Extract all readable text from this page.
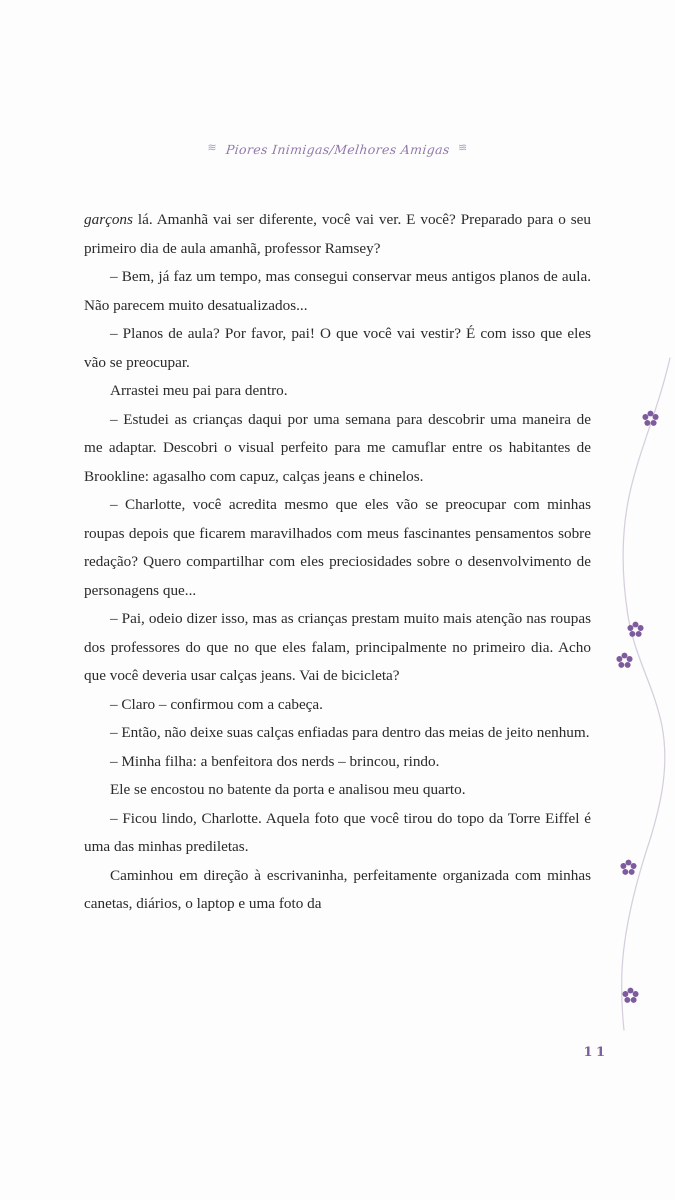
≋ Piores Inimigas/Melhores Amigas ≋

garçons lá. Amanhã vai ser diferente, você vai ver. E você? Preparado para o seu primeiro dia de aula amanhã, professor Ramsey?

– Bem, já faz um tempo, mas consegui conservar meus antigos planos de aula. Não parecem muito desatualizados...

– Planos de aula? Por favor, pai! O que você vai vestir? É com isso que eles vão se preocupar.

Arrastei meu pai para dentro.

– Estudei as crianças daqui por uma semana para descobrir uma maneira de me adaptar. Descobri o visual perfeito para me camuflar entre os habitantes de Brookline: agasalho com capuz, calças jeans e chinelos.

– Charlotte, você acredita mesmo que eles vão se preocupar com minhas roupas depois que ficarem maravilhados com meus fascinantes pensamentos sobre redação? Quero compartilhar com eles preciosidades sobre o desenvolvimento de personagens que...

– Pai, odeio dizer isso, mas as crianças prestam muito mais atenção nas roupas dos professores do que no que eles falam, principalmente no primeiro dia. Acho que você deveria usar calças jeans. Vai de bicicleta?

– Claro – confirmou com a cabeça.

– Então, não deixe suas calças enfiadas para dentro das meias de jeito nenhum.

– Minha filha: a benfeitora dos nerds – brincou, rindo.

Ele se encostou no batente da porta e analisou meu quarto.

– Ficou lindo, Charlotte. Aquela foto que você tirou do topo da Torre Eiffel é uma das minhas prediletas.

Caminhou em direção à escrivaninha, perfeitamente organizada com minhas canetas, diários, o laptop e uma foto da

11
